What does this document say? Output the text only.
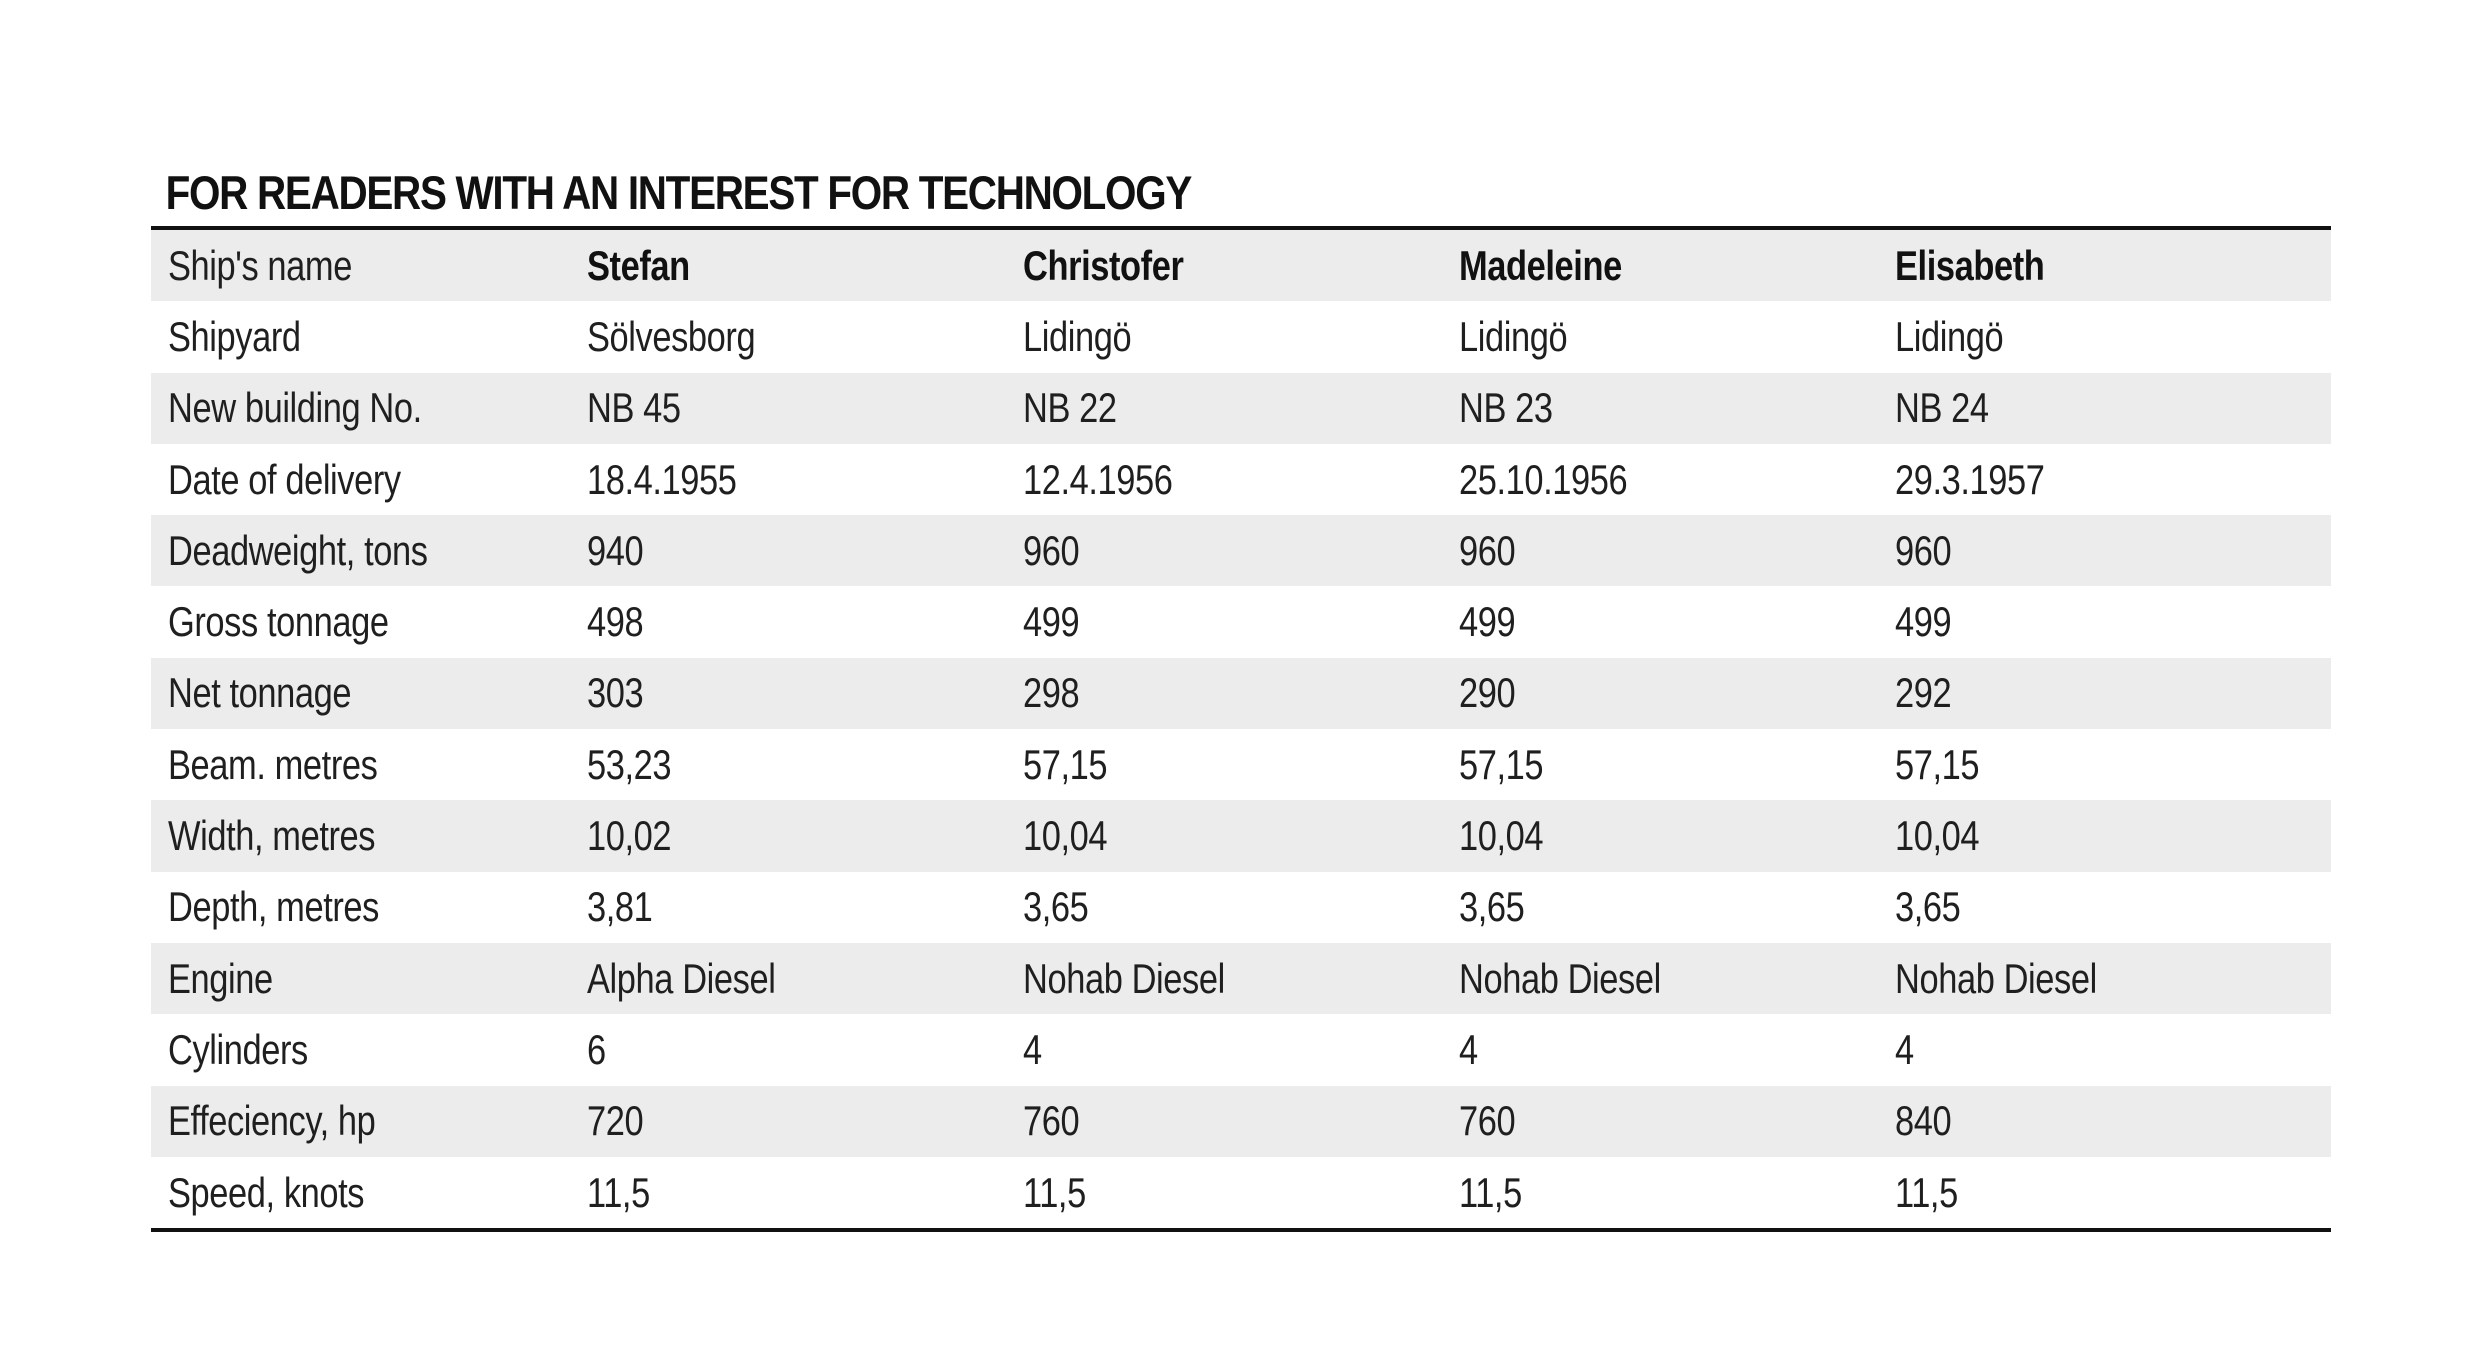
FOR READERS WITH AN INTEREST FOR TECHNOLOGY
Ship's name	Stefan	Christofer	Madeleine	Elisabeth
Shipyard	Sölvesborg	Lidingö	Lidingö	Lidingö
New building No.	NB 45	NB 22	NB 23	NB 24
Date of delivery	18.4.1955	12.4.1956	25.10.1956	29.3.1957
Deadweight, tons	940	960	960	960
Gross tonnage	498	499	499	499
Net tonnage	303	298	290	292
Beam. metres	53,23	57,15	57,15	57,15
Width, metres	10,02	10,04	10,04	10,04
Depth, metres	3,81	3,65	3,65	3,65
Engine	Alpha Diesel	Nohab Diesel	Nohab Diesel	Nohab Diesel
Cylinders	6	4	4	4
Effeciency, hp	720	760	760	840
Speed, knots	11,5	11,5	11,5	11,5
